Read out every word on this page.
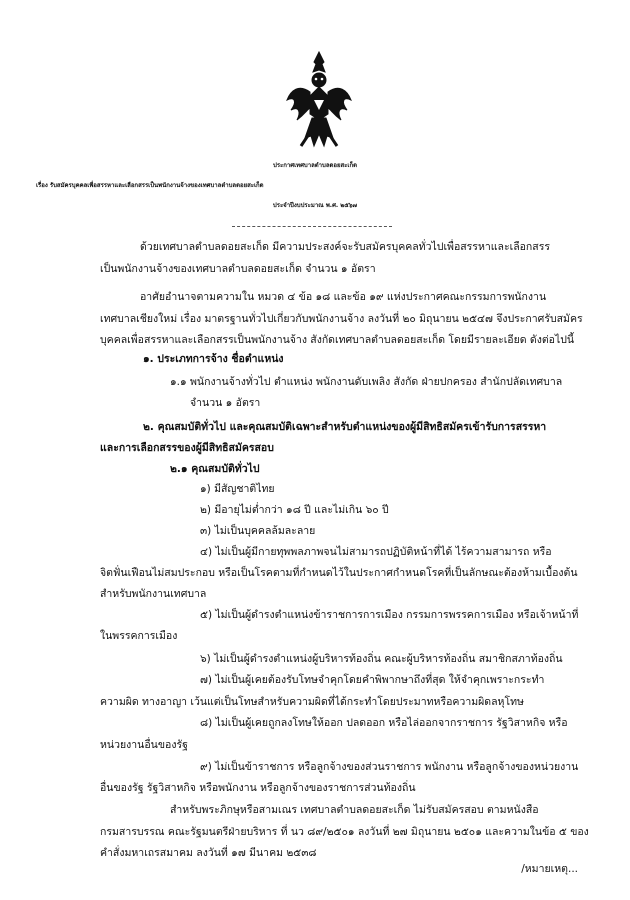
ประกาศเทศบาลตำบลดอยสะเก็ด
เรื่อง รับสมัครบุคคลเพื่อสรรหาและเลือกสรรเป็นพนักงานจ้างของเทศบาลตำบลดอยสะเก็ด
ประจำปีงบประมาณ พ.ศ. ๒๕๖๗
ด้วยเทศบาลตำบลดอยสะเก็ด มีความประสงค์จะรับสมัครบุคคลทั่วไปเพื่อสรรหาและเลือกสรร
เป็นพนักงานจ้างของเทศบาลตำบลดอยสะเก็ด จำนวน ๑ อัตรา
อาศัยอำนาจตามความใน หมวด ๔ ข้อ ๑๘ และข้อ ๑๙ แห่งประกาศคณะกรรมการพนักงาน
เทศบาลเชียงใหม่ เรื่อง มาตรฐานทั่วไปเกี่ยวกับพนักงานจ้าง ลงวันที่ ๒๐ มิถุนายน ๒๕๔๗ จึงประกาศรับสมัคร
บุคคลเพื่อสรรหาและเลือกสรรเป็นพนักงานจ้าง สังกัดเทศบาลตำบลดอยสะเก็ด โดยมีรายละเอียด ดังต่อไปนี้
๑. ประเภทการจ้าง ชื่อตำแหน่ง
๑.๑ พนักงานจ้างทั่วไป ตำแหน่ง พนักงานดับเพลิง สังกัด ฝ่ายปกครอง สำนักปลัดเทศบาล
จำนวน ๑ อัตรา
๒. คุณสมบัติทั่วไป และคุณสมบัติเฉพาะสำหรับตำแหน่งของผู้มีสิทธิสมัครเข้ารับการสรรหา
และการเลือกสรรของผู้มีสิทธิสมัครสอบ
๒.๑ คุณสมบัติทั่วไป
๑) มีสัญชาติไทย
๒) มีอายุไม่ต่ำกว่า ๑๘ ปี และไม่เกิน ๖๐ ปี
๓) ไม่เป็นบุคคลล้มละลาย
๔) ไม่เป็นผู้มีกายทุพพลภาพจนไม่สามารถปฏิบัติหน้าที่ได้ ไร้ความสามารถ หรือ
จิตฟั่นเฟือนไม่สมประกอบ หรือเป็นโรคตามที่กำหนดไว้ในประกาศกำหนดโรคที่เป็นลักษณะต้องห้ามเบื้องต้น
สำหรับพนักงานเทศบาล
๕) ไม่เป็นผู้ดำรงตำแหน่งข้าราชการการเมือง กรรมการพรรคการเมือง หรือเจ้าหน้าที่
ในพรรคการเมือง
๖) ไม่เป็นผู้ดำรงตำแหน่งผู้บริหารท้องถิ่น คณะผู้บริหารท้องถิ่น สมาชิกสภาท้องถิ่น
๗) ไม่เป็นผู้เคยต้องรับโทษจำคุกโดยคำพิพากษาถึงที่สุด ให้จำคุกเพราะกระทำ
ความผิด ทางอาญา เว้นแต่เป็นโทษสำหรับความผิดที่ได้กระทำโดยประมาทหรือความผิดลหุโทษ
๘) ไม่เป็นผู้เคยถูกลงโทษให้ออก ปลดออก หรือไล่ออกจากราชการ รัฐวิสาหกิจ หรือ
หน่วยงานอื่นของรัฐ
๙) ไม่เป็นข้าราชการ หรือลูกจ้างของส่วนราชการ พนักงาน หรือลูกจ้างของหน่วยงาน
อื่นของรัฐ รัฐวิสาหกิจ หรือพนักงาน หรือลูกจ้างของราชการส่วนท้องถิ่น
สำหรับพระภิกษุหรือสามเณร เทศบาลตำบลดอยสะเก็ด ไม่รับสมัครสอบ ตามหนังสือ
กรมสารบรรณ คณะรัฐมนตรีฝ่ายบริหาร ที่ นว ๘๙/๒๕๐๑ ลงวันที่ ๒๗ มิถุนายน ๒๕๐๑ และความในข้อ ๕ ของ
คำสั่งมหาเถรสมาคม ลงวันที่ ๑๗ มีนาคม ๒๕๓๘
/หมายเหตุ...
